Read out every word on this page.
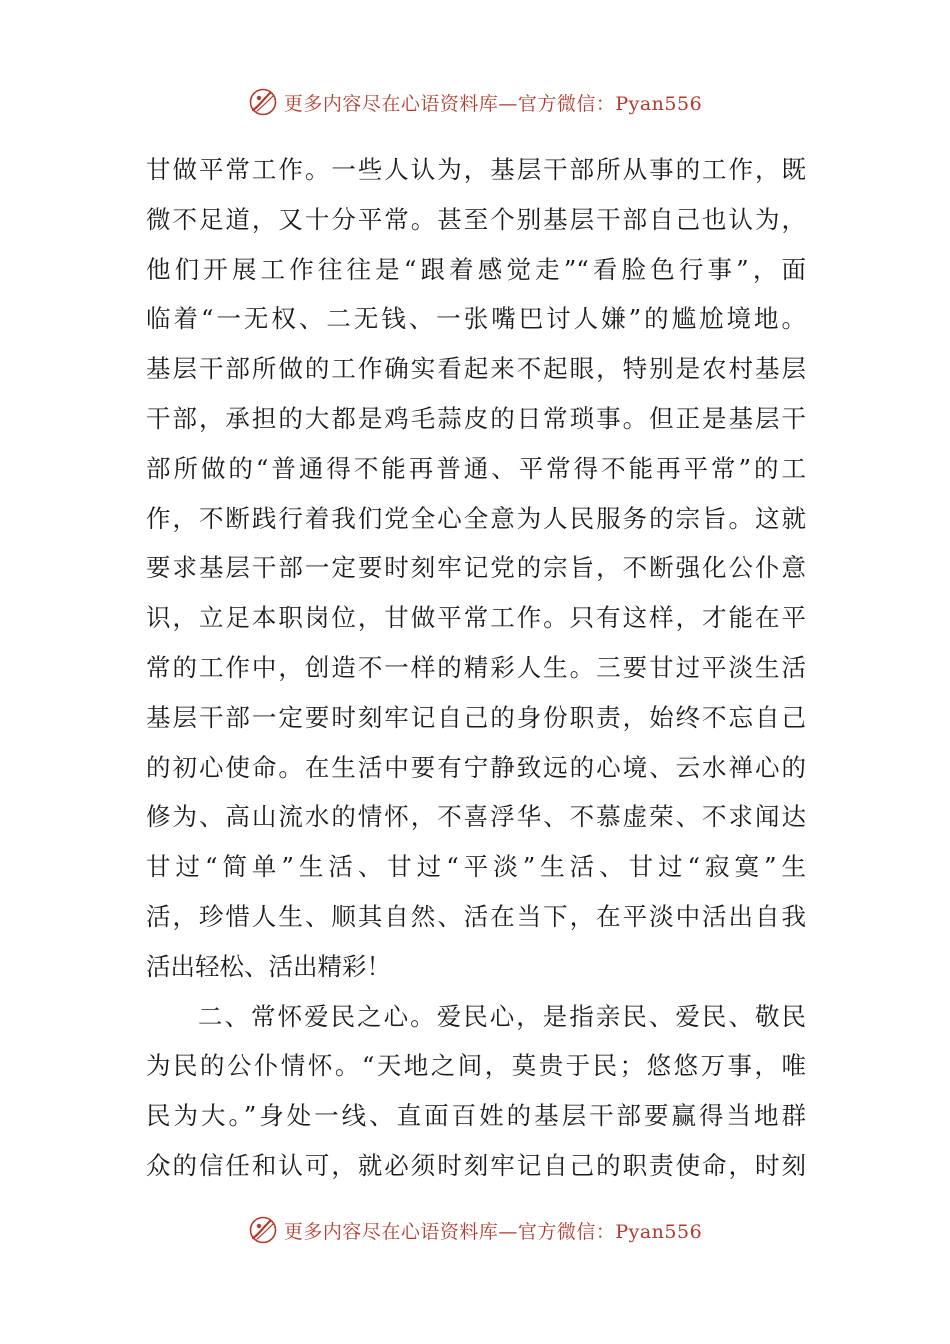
更多内容尽在心语资料库—官方微信：Pyan556
甘做平常工作。一些人认为，基层干部所从事的工作，既
微不足道，又十分平常。甚至个别基层干部自己也认为，
他们开展工作往往是“跟着感觉走”“看脸色行事”，面
临着“一无权、二无钱、一张嘴巴讨人嫌”的尴尬境地。
基层干部所做的工作确实看起来不起眼，特别是农村基层
干部，承担的大都是鸡毛蒜皮的日常琐事。但正是基层干
部所做的“普通得不能再普通、平常得不能再平常”的工
作，不断践行着我们党全心全意为人民服务的宗旨。这就
要求基层干部一定要时刻牢记党的宗旨，不断强化公仆意
识，立足本职岗位，甘做平常工作。只有这样，才能在平
常的工作中，创造不一样的精彩人生。三要甘过平淡生活
基层干部一定要时刻牢记自己的身份职责，始终不忘自己
的初心使命。在生活中要有宁静致远的心境、云水禅心的
修为、高山流水的情怀，不喜浮华、不慕虚荣、不求闻达
甘过“简单”生活、甘过“平淡”生活、甘过“寂寞”生
活，珍惜人生、顺其自然、活在当下，在平淡中活出自我
活出轻松、活出精彩！
二、常怀爱民之心。爱民心，是指亲民、爱民、敬民
为民的公仆情怀。“天地之间，莫贵于民；悠悠万事，唯
民为大。”身处一线、直面百姓的基层干部要赢得当地群
众的信任和认可，就必须时刻牢记自己的职责使命，时刻
更多内容尽在心语资料库—官方微信：Pyan556
